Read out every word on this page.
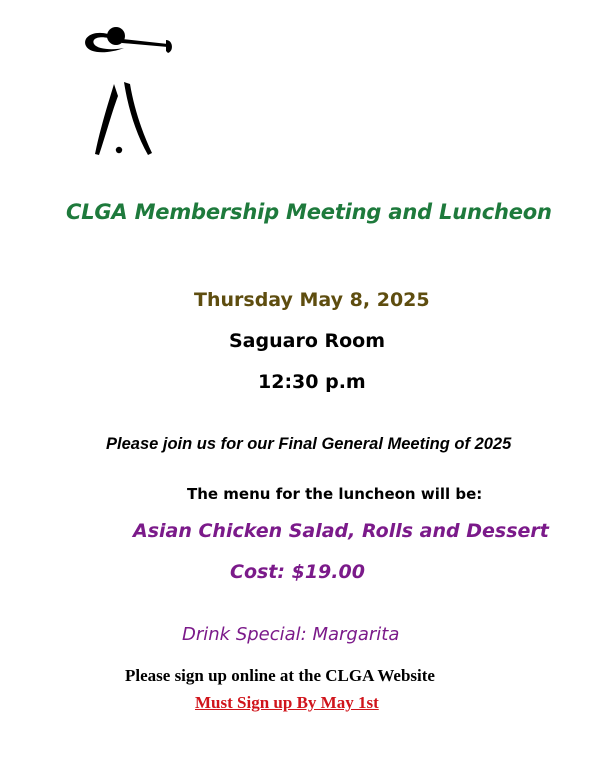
CLGA Membership Meeting and Luncheon

Thursday May 8, 2025

Saguaro Room

12:30 p.m

Please join us for our Final General Meeting of 2025

The menu for the luncheon will be:

Asian Chicken Salad, Rolls and Dessert

Cost: $19.00

Drink Special: Margarita

Please sign up online at the CLGA Website

Must Sign up By May 1st
